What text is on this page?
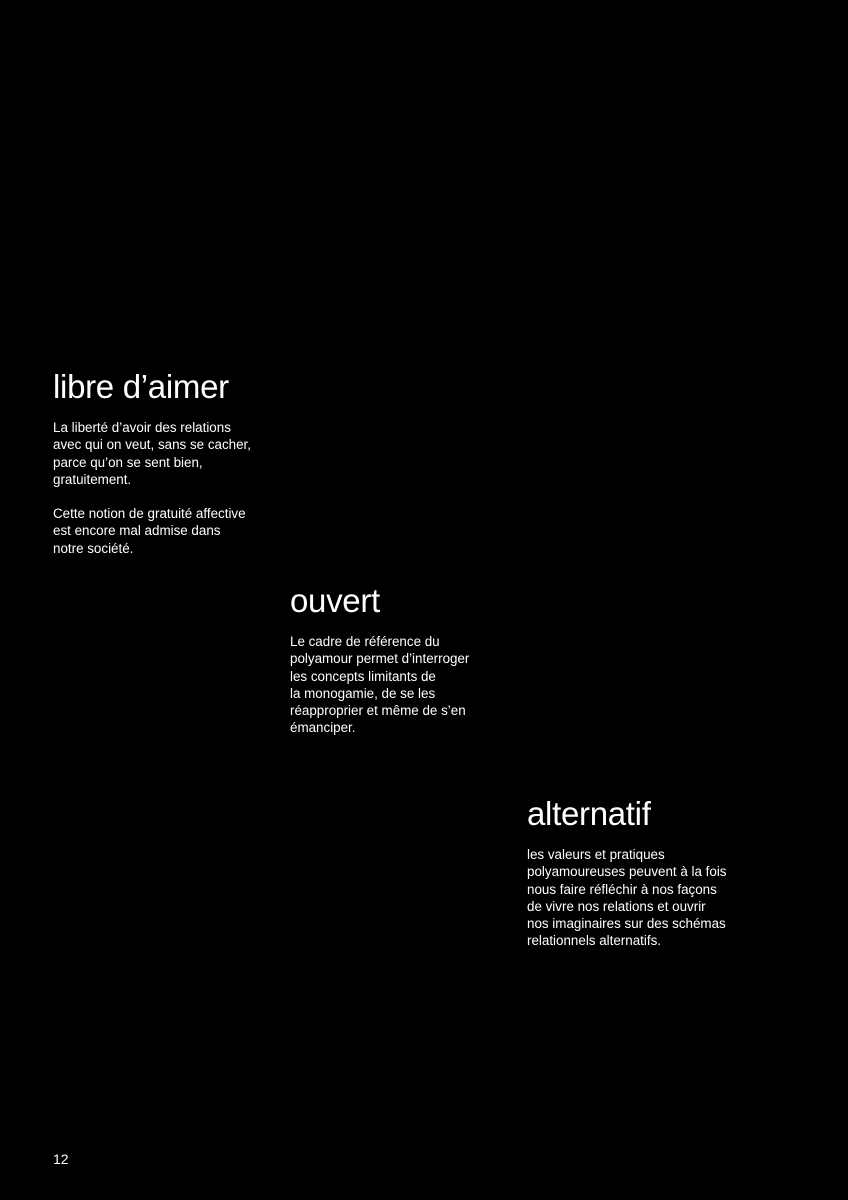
libre d’aimer

La liberté d’avoir des relations
avec qui on veut, sans se cacher,
parce qu’on se sent bien,
gratuitement.

Cette notion de gratuité affective
est encore mal admise dans
notre société.

ouvert

Le cadre de référence du
polyamour permet d’interroger
les concepts limitants de
la monogamie, de se les
réapproprier et même de s’en
émanciper.

alternatif

les valeurs et pratiques
polyamoureuses peuvent à la fois
nous faire réfléchir à nos façons
de vivre nos relations et ouvrir
nos imaginaires sur des schémas
relationnels alternatifs.

12
